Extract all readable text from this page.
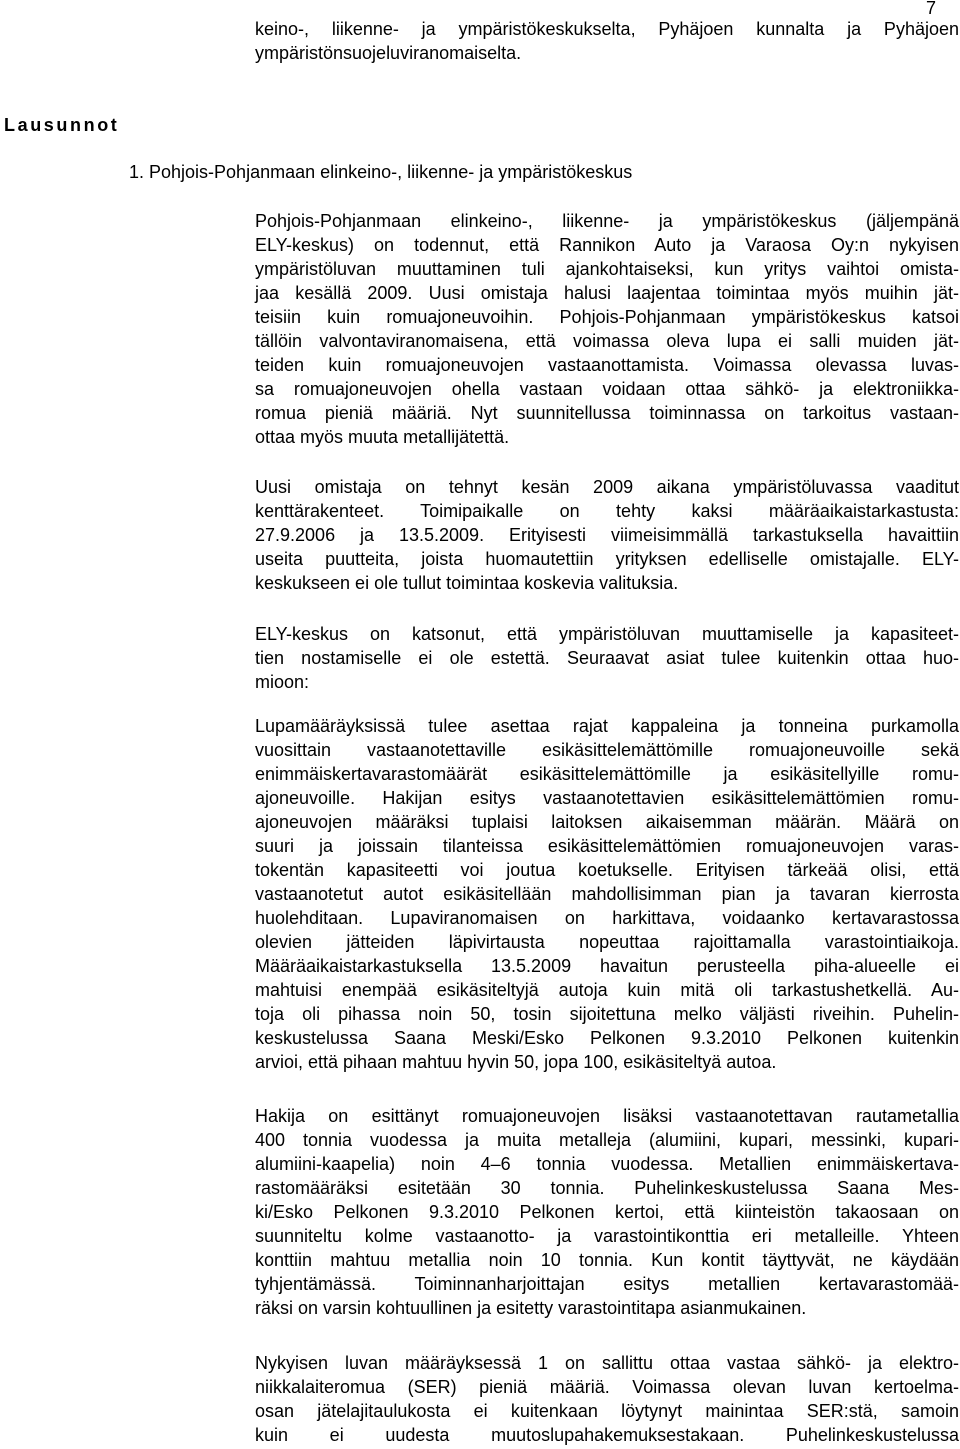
7
Lausunnot
1. Pohjois-Pohjanmaan elinkeino-, liikenne- ja ympäristökeskus
keino-, liikenne- ja ympäristökeskukselta, Pyhäjoen kunnalta ja Pyhäjoen
ympäristönsuojeluviranomaiselta.
Pohjois-Pohjanmaan elinkeino-, liikenne- ja ympäristökeskus (jäljempänä
ELY-keskus) on todennut, että Rannikon Auto ja Varaosa Oy:n nykyisen
ympäristöluvan muuttaminen tuli ajankohtaiseksi, kun yritys vaihtoi omista-
jaa kesällä 2009. Uusi omistaja halusi laajentaa toimintaa myös muihin jät-
teisiin kuin romuajoneuvoihin. Pohjois-Pohjanmaan ympäristökeskus katsoi
tällöin valvontaviranomaisena, että voimassa oleva lupa ei salli muiden jät-
teiden kuin romuajoneuvojen vastaanottamista. Voimassa olevassa luvas-
sa romuajoneuvojen ohella vastaan voidaan ottaa sähkö- ja elektroniikka-
romua pieniä määriä. Nyt suunnitellussa toiminnassa on tarkoitus vastaan-
ottaa myös muuta metallijätettä.
Uusi omistaja on tehnyt kesän 2009 aikana ympäristöluvassa vaaditut
kenttärakenteet. Toimipaikalle on tehty kaksi määräaikaistarkastusta:
27.9.2006 ja 13.5.2009. Erityisesti viimeisimmällä tarkastuksella havaittiin
useita puutteita, joista huomautettiin yrityksen edelliselle omistajalle. ELY-
keskukseen ei ole tullut toimintaa koskevia valituksia.
ELY-keskus on katsonut, että ympäristöluvan muuttamiselle ja kapasiteet-
tien nostamiselle ei ole estettä. Seuraavat asiat tulee kuitenkin ottaa huo-
mioon:
Lupamääräyksissä tulee asettaa rajat kappaleina ja tonneina purkamolla
vuosittain vastaanotettaville esikäsittelemättömille romuajoneuvoille sekä
enimmäiskertavarastomäärät esikäsittelemättömille ja esikäsitellyille romu-
ajoneuvoille. Hakijan esitys vastaanotettavien esikäsittelemättömien romu-
ajoneuvojen määräksi tuplaisi laitoksen aikaisemman määrän. Määrä on
suuri ja joissain tilanteissa esikäsittelemättömien romuajoneuvojen varas-
tokentän kapasiteetti voi joutua koetukselle. Erityisen tärkeää olisi, että
vastaanotetut autot esikäsitellään mahdollisimman pian ja tavaran kierrosta
huolehditaan. Lupaviranomaisen on harkittava, voidaanko kertavarastossa
olevien jätteiden läpivirtausta nopeuttaa rajoittamalla varastointiaikoja.
Määräaikaistarkastuksella 13.5.2009 havaitun perusteella piha-alueelle ei
mahtuisi enempää esikäsiteltyjä autoja kuin mitä oli tarkastushetkellä. Au-
toja oli pihassa noin 50, tosin sijoitettuna melko väljästi riveihin. Puhelin-
keskustelussa Saana Meski/Esko Pelkonen 9.3.2010 Pelkonen kuitenkin
arvioi, että pihaan mahtuu hyvin 50, jopa 100, esikäsiteltyä autoa.
Hakija on esittänyt romuajoneuvojen lisäksi vastaanotettavan rautametallia
400 tonnia vuodessa ja muita metalleja (alumiini, kupari, messinki, kupari-
alumiini-kaapelia) noin 4–6 tonnia vuodessa. Metallien enimmäiskertava-
rastomääräksi esitetään 30 tonnia. Puhelinkeskustelussa Saana Mes-
ki/Esko Pelkonen 9.3.2010 Pelkonen kertoi, että kiinteistön takaosaan on
suunniteltu kolme vastaanotto- ja varastointikonttia eri metalleille. Yhteen
konttiin mahtuu metallia noin 10 tonnia. Kun kontit täyttyvät, ne käydään
tyhjentämässä. Toiminnanharjoittajan esitys metallien kertavarastomää-
räksi on varsin kohtuullinen ja esitetty varastointitapa asianmukainen.
Nykyisen luvan määräyksessä 1 on sallittu ottaa vastaa sähkö- ja elektro-
niikkalaiteromua (SER) pieniä määriä. Voimassa olevan luvan kertoelma-
osan jätelajitaulukosta ei kuitenkaan löytynyt mainintaa SER:stä, samoin
kuin ei uudesta muutoslupahakemuksestakaan. Puhelinkeskustelussa
